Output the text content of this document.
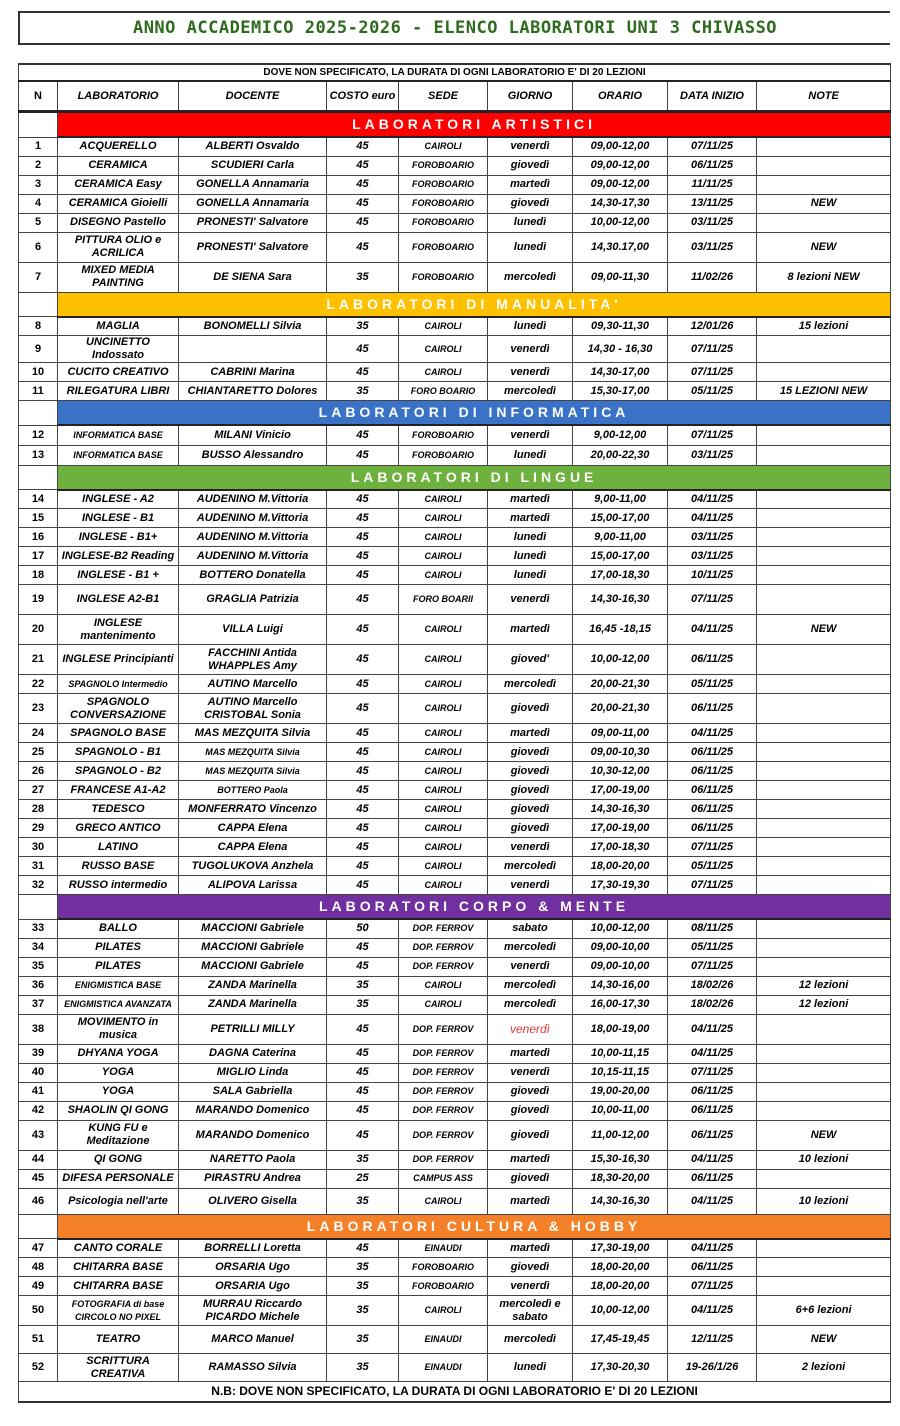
ANNO ACCADEMICO 2025-2026 - ELENCO LABORATORI UNI 3 CHIVASSO
DOVE NON SPECIFICATO, LA DURATA DI OGNI LABORATORIO E' DI 20 LEZIONI								
N	LABORATORIO	DOCENTE	COSTO euro	SEDE	GIORNO	ORARIO	DATA INIZIO	NOTE
	LABORATORI ARTISTICI							
1	ACQUERELLO	ALBERTI Osvaldo	45	CAIROLI	venerdì	09,00-12,00	07/11/25	
2	CERAMICA	SCUDIERI Carla	45	FOROBOARIO	giovedì	09,00-12,00	06/11/25	
3	CERAMICA Easy	GONELLA Annamaria	45	FOROBOARIO	martedì	09,00-12,00	11/11/25	
4	CERAMICA Gioielli	GONELLA Annamaria	45	FOROBOARIO	giovedì	14,30-17,30	13/11/25	NEW
5	DISEGNO Pastello	PRONESTI' Salvatore	45	FOROBOARIO	lunedì	10,00-12,00	03/11/25	
6	PITTURA OLIO e ACRILICA	PRONESTI' Salvatore	45	FOROBOARIO	lunedì	14,30.17,00	03/11/25	NEW
7	MIXED MEDIA PAINTING	DE SIENA Sara	35	FOROBOARIO	mercoledì	09,00-11,30	11/02/26	8 lezioni NEW
	LABORATORI DI MANUALITA'							
8	MAGLIA	BONOMELLI Silvia	35	CAIROLI	lunedì	09,30-11,30	12/01/26	15 lezioni
9	UNCINETTO Indossato		45	CAIROLI	venerdì	14,30 - 16,30	07/11/25	
10	CUCITO CREATIVO	CABRINI Marina	45	CAIROLI	venerdì	14,30-17,00	07/11/25	
11	RILEGATURA LIBRI	CHIANTARETTO Dolores	35	FORO BOARIO	mercoledì	15,30-17,00	05/11/25	15 LEZIONI NEW
	LABORATORI DI INFORMATICA							
12	INFORMATICA BASE	MILANI Vinicio	45	FOROBOARIO	venerdì	9,00-12,00	07/11/25	
13	INFORMATICA BASE	BUSSO Alessandro	45	FOROBOARIO	lunedì	20,00-22,30	03/11/25	
	LABORATORI DI LINGUE							
14	INGLESE - A2	AUDENINO M.Vittoria	45	CAIROLI	martedì	9,00-11,00	04/11/25	
15	INGLESE - B1	AUDENINO M.Vittoria	45	CAIROLI	martedì	15,00-17,00	04/11/25	
16	INGLESE - B1+	AUDENINO M.Vittoria	45	CAIROLI	lunedì	9,00-11,00	03/11/25	
17	INGLESE-B2 Reading	AUDENINO M.Vittoria	45	CAIROLI	lunedì	15,00-17,00	03/11/25	
18	INGLESE - B1 +	BOTTERO Donatella	45	CAIROLI	lunedì	17,00-18,30	10/11/25	
19	INGLESE A2-B1	GRAGLIA Patrizia	45	FORO BOARII	venerdì	14,30-16,30	07/11/25	
20	INGLESE mantenimento	VILLA Luigi	45	CAIROLI	martedì	16,45 -18,15	04/11/25	NEW
21	INGLESE Principianti	FACCHINI Antida WHAPPLES Amy	45	CAIROLI	gioved'	10,00-12,00	06/11/25	
22	SPAGNOLO Intermedio	AUTINO Marcello	45	CAIROLI	mercoledì	20,00-21,30	05/11/25	
23	SPAGNOLO CONVERSAZIONE	AUTINO Marcello CRISTOBAL Sonia	45	CAIROLI	giovedì	20,00-21,30	06/11/25	
24	SPAGNOLO BASE	MAS MEZQUITA Silvia	45	CAIROLI	martedì	09,00-11,00	04/11/25	
25	SPAGNOLO - B1	MAS MEZQUITA Silvia	45	CAIROLI	giovedì	09,00-10,30	06/11/25	
26	SPAGNOLO - B2	MAS MEZQUITA Silvia	45	CAIROLI	giovedì	10,30-12,00	06/11/25	
27	FRANCESE A1-A2	BOTTERO Paola	45	CAIROLI	giovedì	17,00-19,00	06/11/25	
28	TEDESCO	MONFERRATO Vincenzo	45	CAIROLI	giovedì	14,30-16,30	06/11/25	
29	GRECO ANTICO	CAPPA Elena	45	CAIROLI	giovedì	17,00-19,00	06/11/25	
30	LATINO	CAPPA Elena	45	CAIROLI	venerdì	17,00-18,30	07/11/25	
31	RUSSO BASE	TUGOLUKOVA Anzhela	45	CAIROLI	mercoledì	18,00-20,00	05/11/25	
32	RUSSO intermedio	ALIPOVA Larissa	45	CAIROLI	venerdì	17,30-19,30	07/11/25	
	LABORATORI CORPO & MENTE							
33	BALLO	MACCIONI Gabriele	50	DOP. FERROV	sabato	10,00-12,00	08/11/25	
34	PILATES	MACCIONI Gabriele	45	DOP. FERROV	mercoledì	09,00-10,00	05/11/25	
35	PILATES	MACCIONI Gabriele	45	DOP. FERROV	venerdì	09,00-10,00	07/11/25	
36	ENIGMISTICA BASE	ZANDA Marinella	35	CAIROLI	mercoledì	14,30-16,00	18/02/26	12 lezioni
37	ENIGMISTICA AVANZATA	ZANDA Marinella	35	CAIROLI	mercoledì	16,00-17,30	18/02/26	12 lezioni
38	MOVIMENTO in musica	PETRILLI MILLY	45	DOP. FERROV	venerdì	18,00-19,00	04/11/25	
39	DHYANA YOGA	DAGNA Caterina	45	DOP. FERROV	martedì	10,00-11,15	04/11/25	
40	YOGA	MIGLIO Linda	45	DOP. FERROV	venerdì	10,15-11,15	07/11/25	
41	YOGA	SALA Gabriella	45	DOP. FERROV	giovedì	19,00-20,00	06/11/25	
42	SHAOLIN QI GONG	MARANDO Domenico	45	DOP. FERROV	giovedì	10,00-11,00	06/11/25	
43	KUNG FU e Meditazione	MARANDO Domenico	45	DOP. FERROV	giovedì	11,00-12,00	06/11/25	NEW
44	QI GONG	NARETTO Paola	35	DOP. FERROV	martedì	15,30-16,30	04/11/25	10 lezioni
45	DIFESA PERSONALE	PIRASTRU Andrea	25	CAMPUS ASS	giovedì	18,30-20,00	06/11/25	
46	Psicologia nell'arte	OLIVERO Gisella	35	CAIROLI	martedì	14,30-16,30	04/11/25	10 lezioni
	LABORATORI CULTURA & HOBBY							
47	CANTO CORALE	BORRELLI Loretta	45	EINAUDI	martedì	17,30-19,00	04/11/25	
48	CHITARRA BASE	ORSARIA Ugo	35	FOROBOARIO	giovedì	18,00-20,00	06/11/25	
49	CHITARRA BASE	ORSARIA Ugo	35	FOROBOARIO	venerdì	18,00-20,00	07/11/25	
50	FOTOGRAFIA di base CIRCOLO NO PIXEL	MURRAU Riccardo PICARDO Michele	35	CAIROLI	mercoledì e sabato	10,00-12,00	04/11/25	6+6 lezioni
51	TEATRO	MARCO Manuel	35	EINAUDI	mercoledì	17,45-19,45	12/11/25	NEW
52	SCRITTURA CREATIVA	RAMASSO Silvia	35	EINAUDI	lunedì	17,30-20,30	19-26/1/26	2 lezioni
N.B: DOVE NON SPECIFICATO, LA DURATA DI OGNI LABORATORIO E' DI 20 LEZIONI								
